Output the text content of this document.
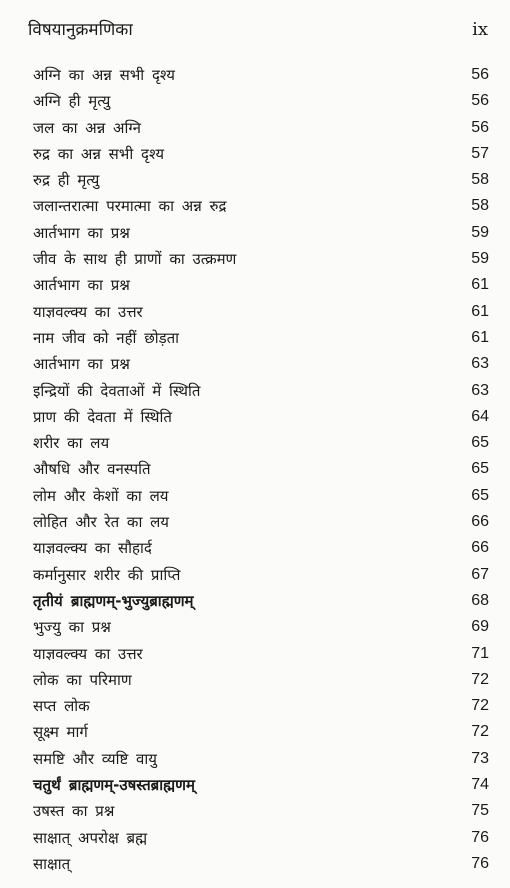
विषयानुक्रमणिका	ix
अग्नि का अन्न सभी दृश्य	56
अग्नि ही मृत्यु	56
जल का अन्न अग्नि	56
रुद्र का अन्न सभी दृश्य	57
रुद्र ही मृत्यु	58
जलान्तरात्मा परमात्मा का अन्न रुद्र	58
आर्तभाग का प्रश्न	59
जीव के साथ ही प्राणों का उत्क्रमण	59
आर्तभाग का प्रश्न	61
याज्ञवल्क्य का उत्तर	61
नाम जीव को नहीं छोड़ता	61
आर्तभाग का प्रश्न	63
इन्द्रियों की देवताओं में स्थिति	63
प्राण की देवता में स्थिति	64
शरीर का लय	65
औषधि और वनस्पति	65
लोम और केशों का लय	65
लोहित और रेत का लय	66
याज्ञवल्क्य का सौहार्द	66
कर्मानुसार शरीर की प्राप्ति	67
तृतीयं ब्राह्मणम्-भुज्युब्राह्मणम्	68
भुज्यु का प्रश्न	69
याज्ञवल्क्य का उत्तर	71
लोक का परिमाण	72
सप्त लोक	72
सूक्ष्म मार्ग	72
समष्टि और व्यष्टि वायु	73
चतुर्थं ब्राह्मणम्-उषस्तब्राह्मणम्	74
उषस्त का प्रश्न	75
साक्षात् अपरोक्ष ब्रह्म	76
साक्षात्	76
